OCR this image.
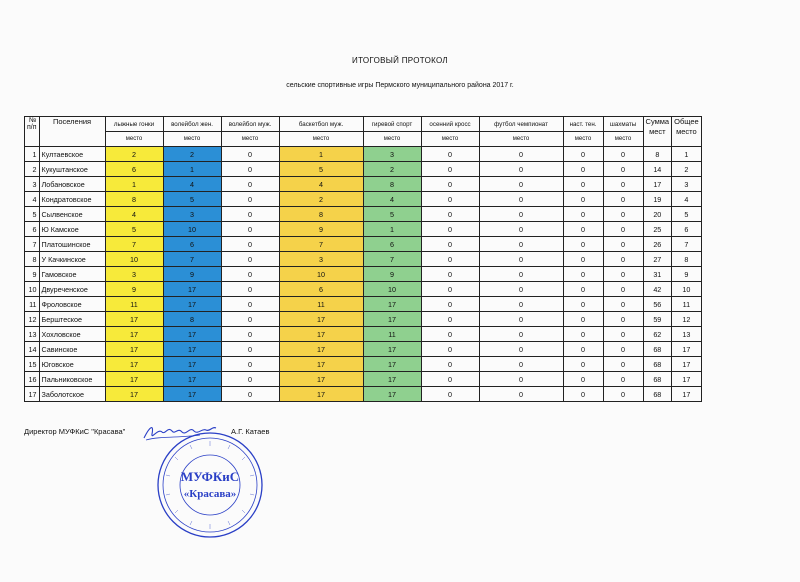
ИТОГОВЫЙ ПРОТОКОЛ
сельские спортивные игры Пермского муниципального района 2017 г.
№
п/п	Поселения	лыжные гонки	волейбол жен.	волейбол муж.	баскетбол муж.	гиревой спорт	осенний кросс	футбол чемпионат	наст. тен.	шахматы	Сумма
мест	Общее
место
		место	место	место	место	место	место	место	место	место		
1	Култаевское	2	2	0	1	3	0	0	0	0	8	1
2	Кукуштанское	6	1	0	5	2	0	0	0	0	14	2
3	Лобановское	1	4	0	4	8	0	0	0	0	17	3
4	Кондратовское	8	5	0	2	4	0	0	0	0	19	4
5	Сылвенское	4	3	0	8	5	0	0	0	0	20	5
6	Ю Камское	5	10	0	9	1	0	0	0	0	25	6
7	Платошинское	7	6	0	7	6	0	0	0	0	26	7
8	У Качкинское	10	7	0	3	7	0	0	0	0	27	8
9	Гамовское	3	9	0	10	9	0	0	0	0	31	9
10	Двуреченское	9	17	0	6	10	0	0	0	0	42	10
11	Фроловское	11	17	0	11	17	0	0	0	0	56	11
12	Берштеское	17	8	0	17	17	0	0	0	0	59	12
13	Хохловское	17	17	0	17	11	0	0	0	0	62	13
14	Савинское	17	17	0	17	17	0	0	0	0	68	17
15	Юговское	17	17	0	17	17	0	0	0	0	68	17
16	Пальниковское	17	17	0	17	17	0	0	0	0	68	17
17	Заболотское	17	17	0	17	17	0	0	0	0	68	17
Директор МУФКиС "Красава"	А.Г. Катаев
МУФКиС
«Красава»
